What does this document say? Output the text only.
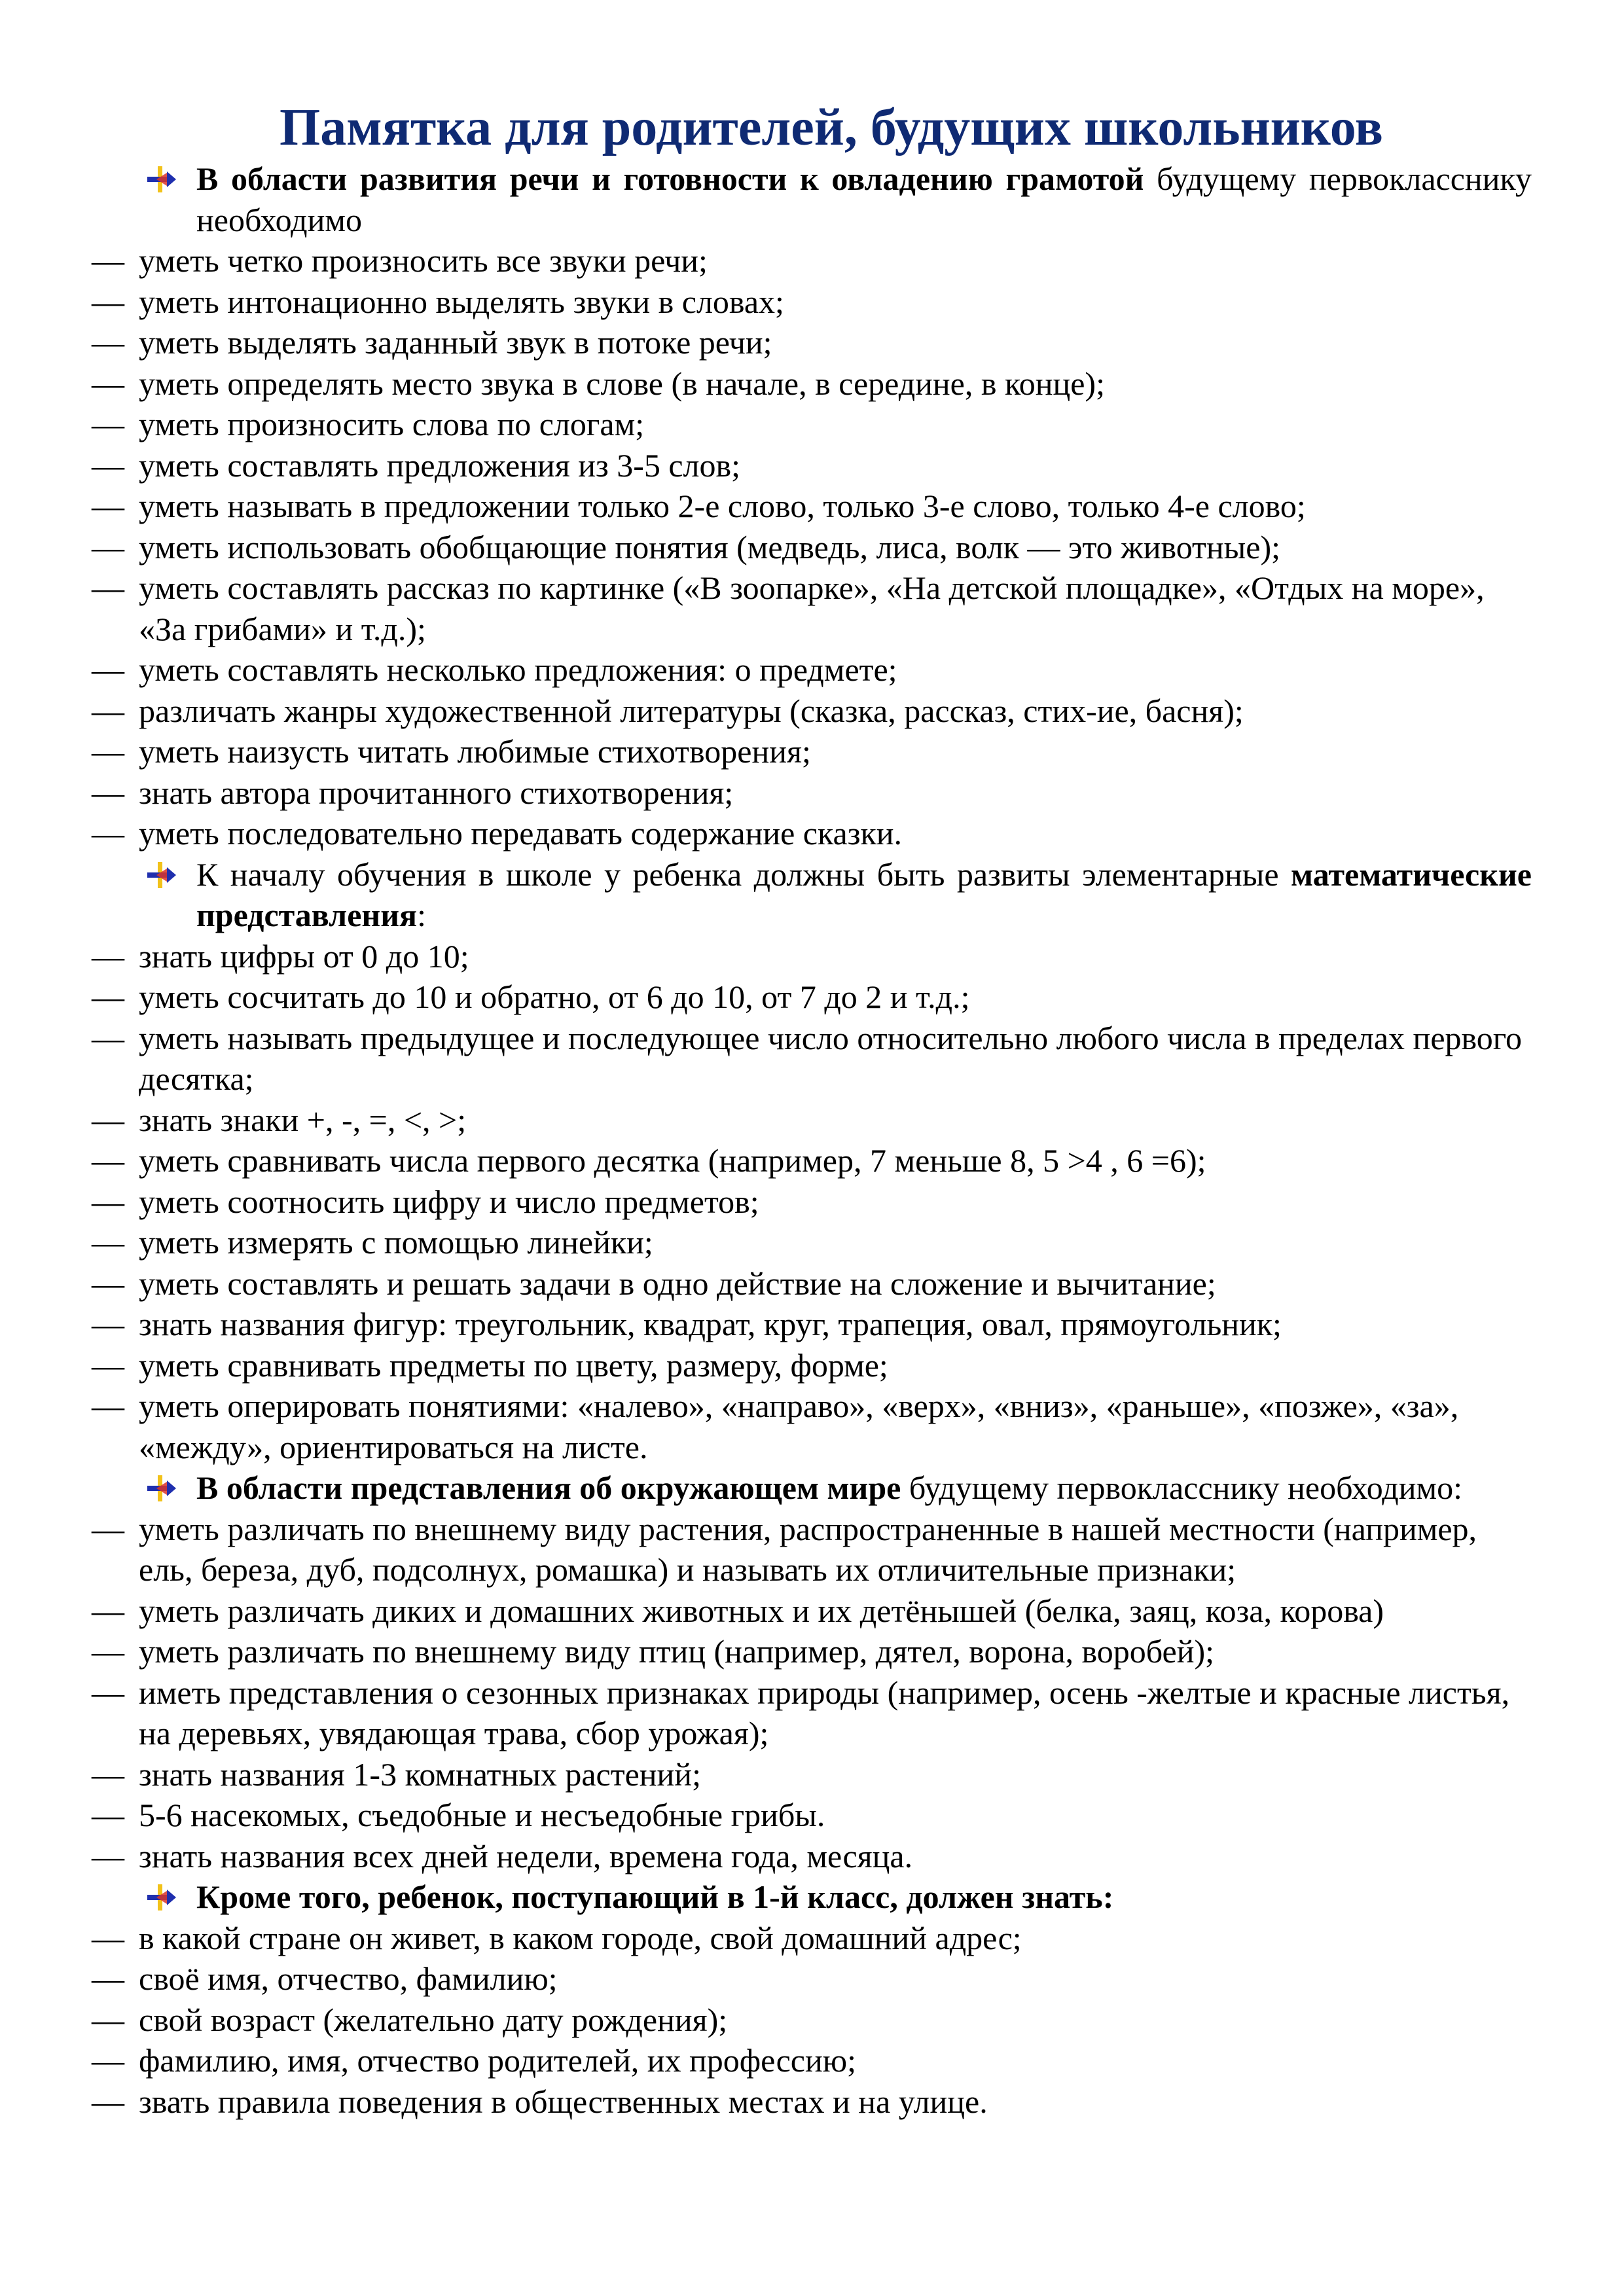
Памятка для родителей, будущих школьников
В области развития речи и готовности к овладению грамотой будущему первокласснику необходимо
— уметь четко произносить все звуки речи;
— уметь интонационно выделять звуки в словах;
— уметь выделять заданный звук в потоке речи;
— уметь определять место звука в слове (в начале, в середине, в конце);
— уметь произносить слова по слогам;
— уметь составлять предложения из 3-5 слов;
— уметь называть в предложении только 2-е слово, только 3-е слово, только 4-е слово;
— уметь использовать обобщающие понятия (медведь, лиса, волк — это животные);
— уметь составлять рассказ по картинке («В зоопарке», «На детской площадке», «Отдых на море», «За грибами» и т.д.);
— уметь составлять несколько предложения: о предмете;
— различать жанры художественной литературы (сказка, рассказ, стих-ие, басня);
— уметь наизусть читать любимые стихотворения;
— знать автора прочитанного стихотворения;
— уметь последовательно передавать содержание сказки.
К началу обучения в школе у ребенка должны быть развиты элементарные математические представления:
— знать цифры от 0 до 10;
— уметь сосчитать до 10 и обратно, от 6 до 10, от 7 до 2 и т.д.;
— уметь называть предыдущее и последующее число относительно любого числа в пределах первого десятка;
— знать знаки +, -, =, <, >;
— уметь сравнивать числа первого десятка (например, 7 меньше 8, 5 >4 , 6 =6);
— уметь соотносить цифру и число предметов;
— уметь измерять с помощью линейки;
— уметь составлять и решать задачи в одно действие на сложение и вычитание;
— знать названия фигур: треугольник, квадрат, круг, трапеция, овал, прямоугольник;
— уметь сравнивать предметы по цвету, размеру, форме;
— уметь оперировать понятиями: «налево», «направо», «верх», «вниз», «раньше», «позже», «за», «между», ориентироваться на листе.
В области представления об окружающем мире будущему первокласснику необходимо:
— уметь различать по внешнему виду растения, распространенные в нашей местности (например, ель, береза, дуб, подсолнух, ромашка) и называть их отличительные признаки;
— уметь различать диких и домашних животных и их детёнышей (белка, заяц, коза, корова)
— уметь различать по внешнему виду птиц (например, дятел, ворона, воробей);
— иметь представления о сезонных признаках природы (например, осень -желтые и красные листья, на деревьях, увядающая трава, сбор урожая);
— знать названия 1-3 комнатных растений;
— 5-6 насекомых, съедобные и несъедобные грибы.
— знать названия всех дней недели, времена года, месяца.
Кроме того, ребенок, поступающий в 1-й класс, должен знать:
— в какой стране он живет, в каком городе, свой домашний адрес;
— своё имя, отчество, фамилию;
— свой возраст (желательно дату рождения);
— фамилию, имя, отчество родителей, их профессию;
— звать правила поведения в общественных местах и на улице.
